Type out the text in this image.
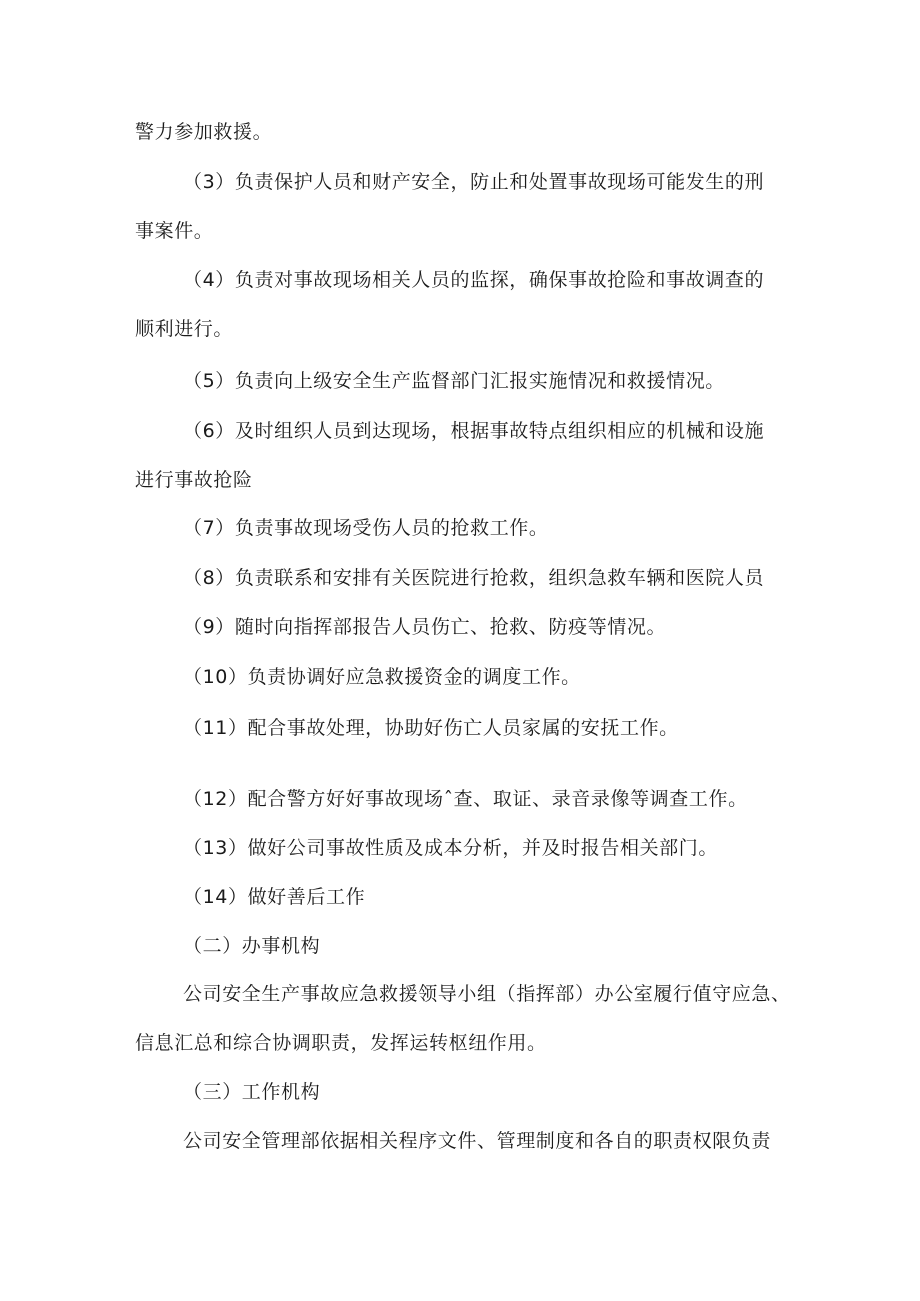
警力参加救援。
（3）负责保护人员和财产安全，防止和处置事故现场可能发生的刑
事案件。
（4）负责对事故现场相关人员的监探，确保事故抢险和事故调查的
顺利进行。
（5）负责向上级安全生产监督部门汇报实施情况和救援情况。
（6）及时组织人员到达现场，根据事故特点组织相应的机械和设施
进行事故抢险
（7）负责事故现场受伤人员的抢救工作。
（8）负责联系和安排有关医院进行抢救，组织急救车辆和医院人员
（9）随时向指挥部报告人员伤亡、抢救、防疫等情况。
（10）负责协调好应急救援资金的调度工作。
（11）配合事故处理，协助好伤亡人员家属的安抚工作。
（12）配合警方好好事故现场ˆ查、取证、录音录像等调查工作。
（13）做好公司事故性质及成本分析，并及时报告相关部门。
（14）做好善后工作
（二）办事机构
公司安全生产事故应急救援领导小组（指挥部）办公室履行值守应急、
信息汇总和综合协调职责，发挥运转枢纽作用。
（三）工作机构
公司安全管理部依据相关程序文件、管理制度和各自的职责权限负责
